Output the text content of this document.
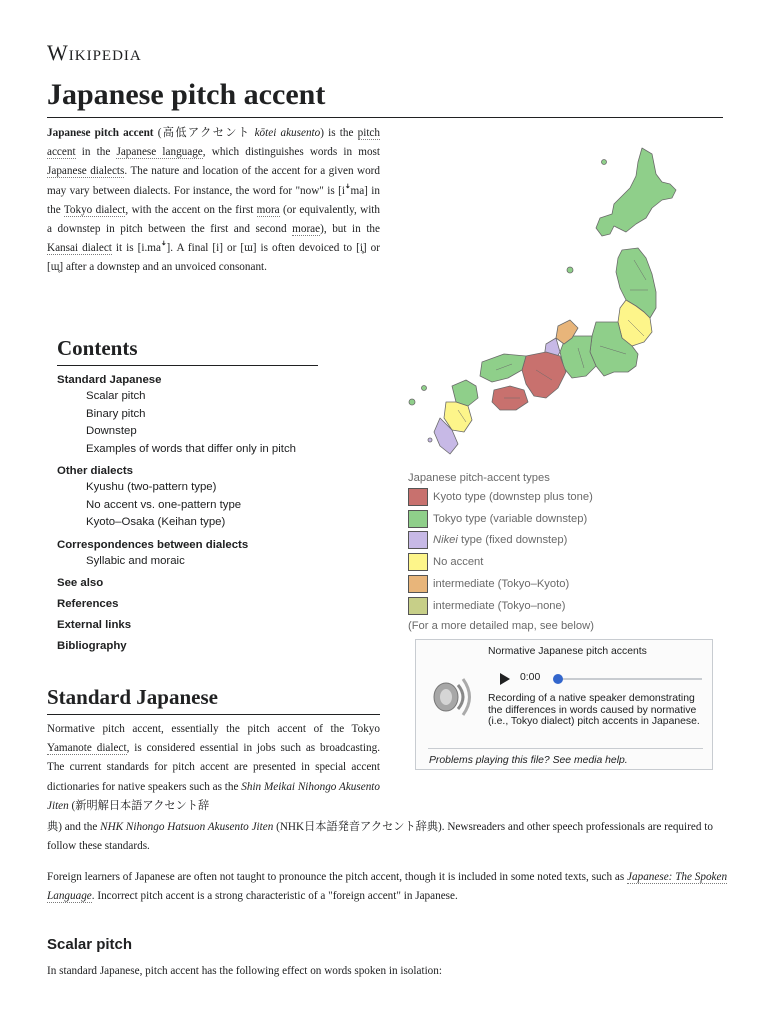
Wikipedia
Japanese pitch accent
Japanese pitch accent (高低アクセント kōtei akusento) is the pitch accent in the Japanese language, which distinguishes words in most Japanese dialects. The nature and location of the accent for a given word may vary between dialects. For instance, the word for "now" is [iꜜma] in the Tokyo dialect, with the accent on the first mora (or equivalently, with a downstep in pitch between the first and second morae), but in the Kansai dialect it is [i.maꜜ]. A final [i] or [ɯ] is often devoiced to [i̥] or [ɯ̥] after a downstep and an unvoiced consonant.
Contents
Standard Japanese
Scalar pitch
Binary pitch
Downstep
Examples of words that differ only in pitch
Other dialects
Kyushu (two-pattern type)
No accent vs. one-pattern type
Kyoto–Osaka (Keihan type)
Correspondences between dialects
Syllabic and moraic
See also
References
External links
Bibliography
Japanese pitch-accent types
Kyoto type (downstep plus tone)
Tokyo type (variable downstep)
Nikei type (fixed downstep)
No accent
intermediate (Tokyo–Kyoto)
intermediate (Tokyo–none)
(For a more detailed map, see below)
Normative Japanese pitch accents
0:00
Recording of a native speaker demonstrating the differences in words caused by normative (i.e., Tokyo dialect) pitch accents in Japanese.
Problems playing this file? See media help.
Standard Japanese
Normative pitch accent, essentially the pitch accent of the Tokyo Yamanote dialect, is considered essential in jobs such as broadcasting. The current standards for pitch accent are presented in special accent dictionaries for native speakers such as the Shin Meikai Nihongo Akusento Jiten (新明解日本語アクセント辞
典) and the NHK Nihongo Hatsuon Akusento Jiten (NHK日本語発音アクセント辞典). Newsreaders and other speech professionals are required to follow these standards.
Foreign learners of Japanese are often not taught to pronounce the pitch accent, though it is included in some noted texts, such as Japanese: The Spoken Language. Incorrect pitch accent is a strong characteristic of a "foreign accent" in Japanese.
Scalar pitch
In standard Japanese, pitch accent has the following effect on words spoken in isolation:
